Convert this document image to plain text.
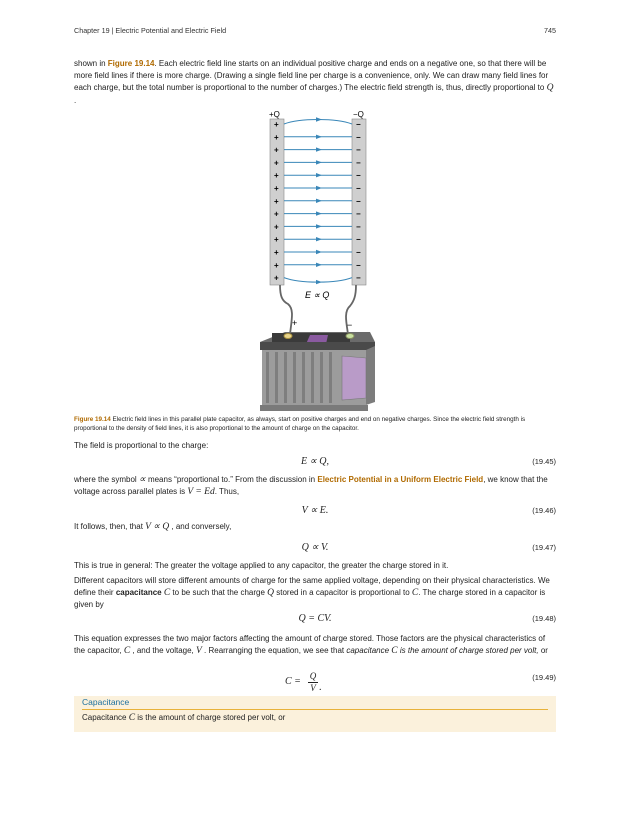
Chapter 19 | Electric Potential and Electric Field	745
shown in Figure 19.14. Each electric field line starts on an individual positive charge and ends on a negative one, so that there will be more field lines if there is more charge. (Drawing a single field line per charge is a convenience, only. We can draw many field lines for each charge, but the total number is proportional to the number of charges.) The electric field strength is, thus, directly proportional to Q .
+Q	−Q
+
+
+
+
+
+
+
+
+
+
+
+
+
−
−
−
−
−
−
−
−
−
−
−
−
−
E ∝ Q
+	−
Figure 19.14 Electric field lines in this parallel plate capacitor, as always, start on positive charges and end on negative charges. Since the electric field strength is proportional to the density of field lines, it is also proportional to the amount of charge on the capacitor.
The field is proportional to the charge:
E ∝ Q,	(19.45)
where the symbol ∝ means “proportional to.” From the discussion in Electric Potential in a Uniform Electric Field, we know that the voltage across parallel plates is V = Ed. Thus,
V ∝ E.	(19.46)
It follows, then, that V ∝ Q , and conversely,
Q ∝ V.	(19.47)
This is true in general: The greater the voltage applied to any capacitor, the greater the charge stored in it.
Different capacitors will store different amounts of charge for the same applied voltage, depending on their physical characteristics. We define their capacitance C to be such that the charge Q stored in a capacitor is proportional to C. The charge stored in a capacitor is given by
Q = CV.	(19.48)
This equation expresses the two major factors affecting the amount of charge stored. Those factors are the physical characteristics of the capacitor, C , and the voltage, V . Rearranging the equation, we see that capacitance C is the amount of charge stored per volt, or
C = Q
V .
(19.49)
Capacitance
Capacitance C is the amount of charge stored per volt, or
